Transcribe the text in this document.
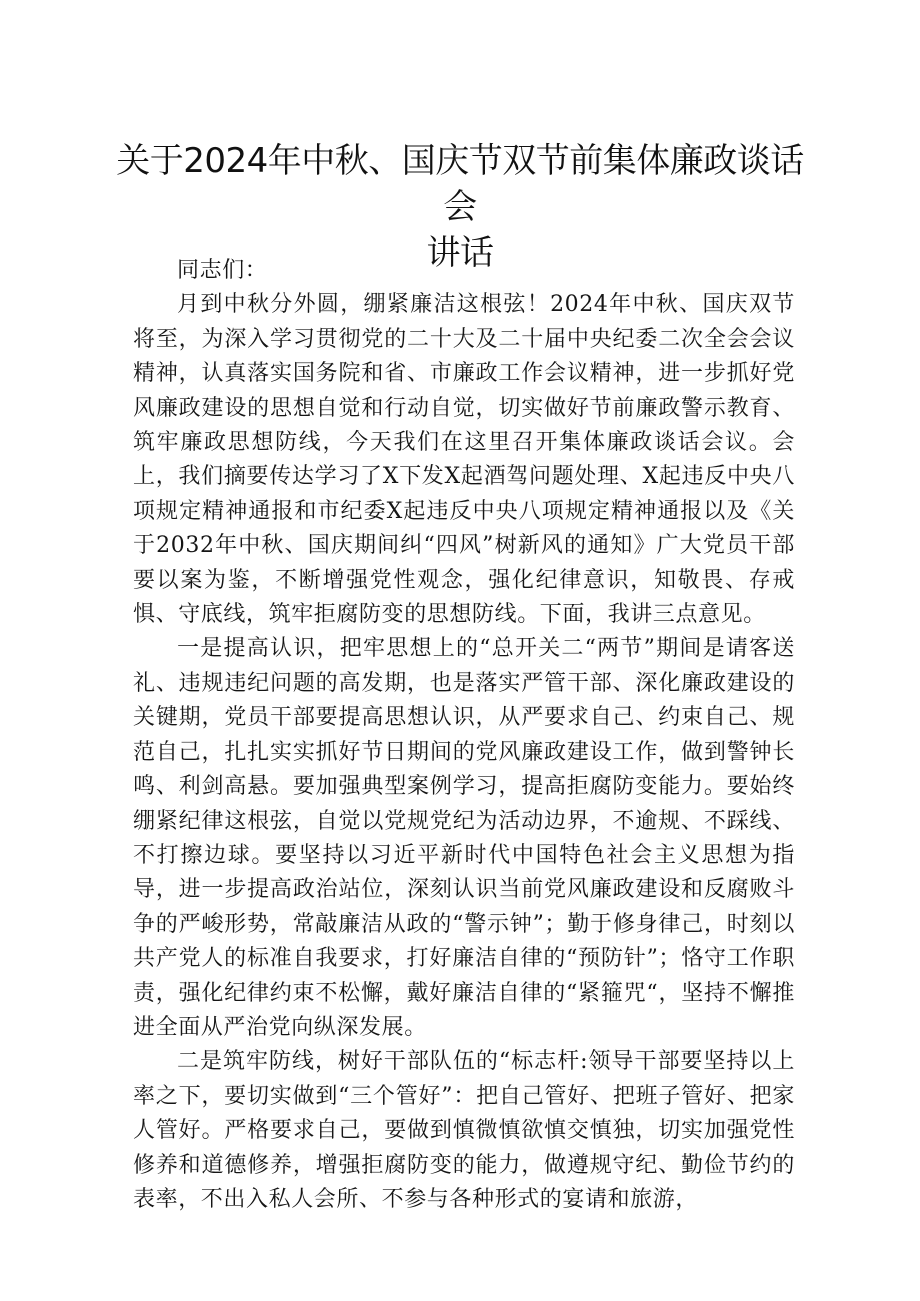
关于2024年中秋、国庆节双节前集体廉政谈话会
讲话

同志们：

月到中秋分外圆，绷紧廉洁这根弦！2024年中秋、国庆双节将至，为深入学习贯彻党的二十大及二十届中央纪委二次全会会议精神，认真落实国务院和省、市廉政工作会议精神，进一步抓好党风廉政建设的思想自觉和行动自觉，切实做好节前廉政警示教育、筑牢廉政思想防线，今天我们在这里召开集体廉政谈话会议。会上，我们摘要传达学习了X下发X起酒驾问题处理、X起违反中央八项规定精神通报和市纪委X起违反中央八项规定精神通报以及《关于2032年中秋、国庆期间纠“四风”树新风的通知》广大党员干部要以案为鉴，不断增强党性观念，强化纪律意识，知敬畏、存戒惧、守底线，筑牢拒腐防变的思想防线。下面，我讲三点意见。

一是提高认识，把牢思想上的“总开关二“两节”期间是请客送礼、违规违纪问题的高发期，也是落实严管干部、深化廉政建设的关键期，党员干部要提高思想认识，从严要求自己、约束自己、规范自己，扎扎实实抓好节日期间的党风廉政建设工作，做到警钟长鸣、利剑高悬。要加强典型案例学习，提高拒腐防变能力。要始终绷紧纪律这根弦，自觉以党规党纪为活动边界，不逾规、不踩线、不打擦边球。要坚持以习近平新时代中国特色社会主义思想为指导，进一步提高政治站位，深刻认识当前党风廉政建设和反腐败斗争的严峻形势，常敲廉洁从政的“警示钟”；勤于修身律己，时刻以共产党人的标准自我要求，打好廉洁自律的“预防针”；恪守工作职责，强化纪律约束不松懈，戴好廉洁自律的“紧箍咒“，坚持不懈推进全面从严治党向纵深发展。

二是筑牢防线，树好干部队伍的“标志杆:领导干部要坚持以上率之下，要切实做到“三个管好”：把自己管好、把班子管好、把家人管好。严格要求自己，要做到慎微慎欲慎交慎独，切实加强党性修养和道德修养，增强拒腐防变的能力，做遵规守纪、勤俭节约的表率，不出入私人会所、不参与各种形式的宴请和旅游，
